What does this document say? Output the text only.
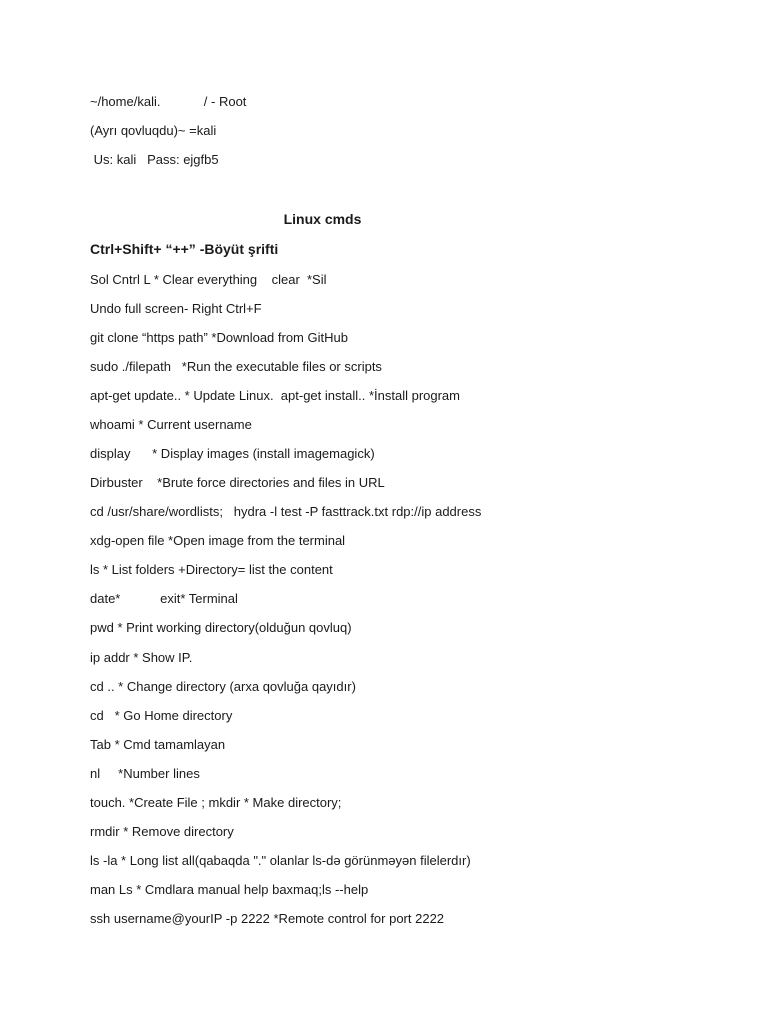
~/home/kali.            / - Root
(Ayrı qovluqdu)~ =kali
Us: kali   Pass: ejgfb5
Linux cmds
Ctrl+Shift+ “++” -Böyüt şrifti
Sol Cntrl L * Clear everything    clear  *Sil
Undo full screen- Right Ctrl+F
git clone “https path” *Download from GitHub
sudo ./filepath   *Run the executable files or scripts
apt-get update.. * Update Linux.  apt-get install.. *İnstall program
whoami * Current username
display      * Display images (install imagemagick)
Dirbuster    *Brute force directories and files in URL
cd /usr/share/wordlists;   hydra -l test -P fasttrack.txt rdp://ip address
xdg-open file *Open image from the terminal
ls * List folders +Directory= list the content
date*           exit* Terminal
pwd * Print working directory(olduğun qovluq)
ip addr * Show IP.
cd .. * Change directory (arxa qovluğa qayıdır)
cd   * Go Home directory
Tab * Cmd tamamlayan
nl     *Number lines
touch. *Create File ; mkdir * Make directory;
rmdir * Remove directory
ls -la * Long list all(qabaqda "." olanlar ls-də görünməyən filelerdır)
man Ls * Cmdlara manual help baxmaq;ls --help
ssh username@yourIP -p 2222 *Remote control for port 2222
